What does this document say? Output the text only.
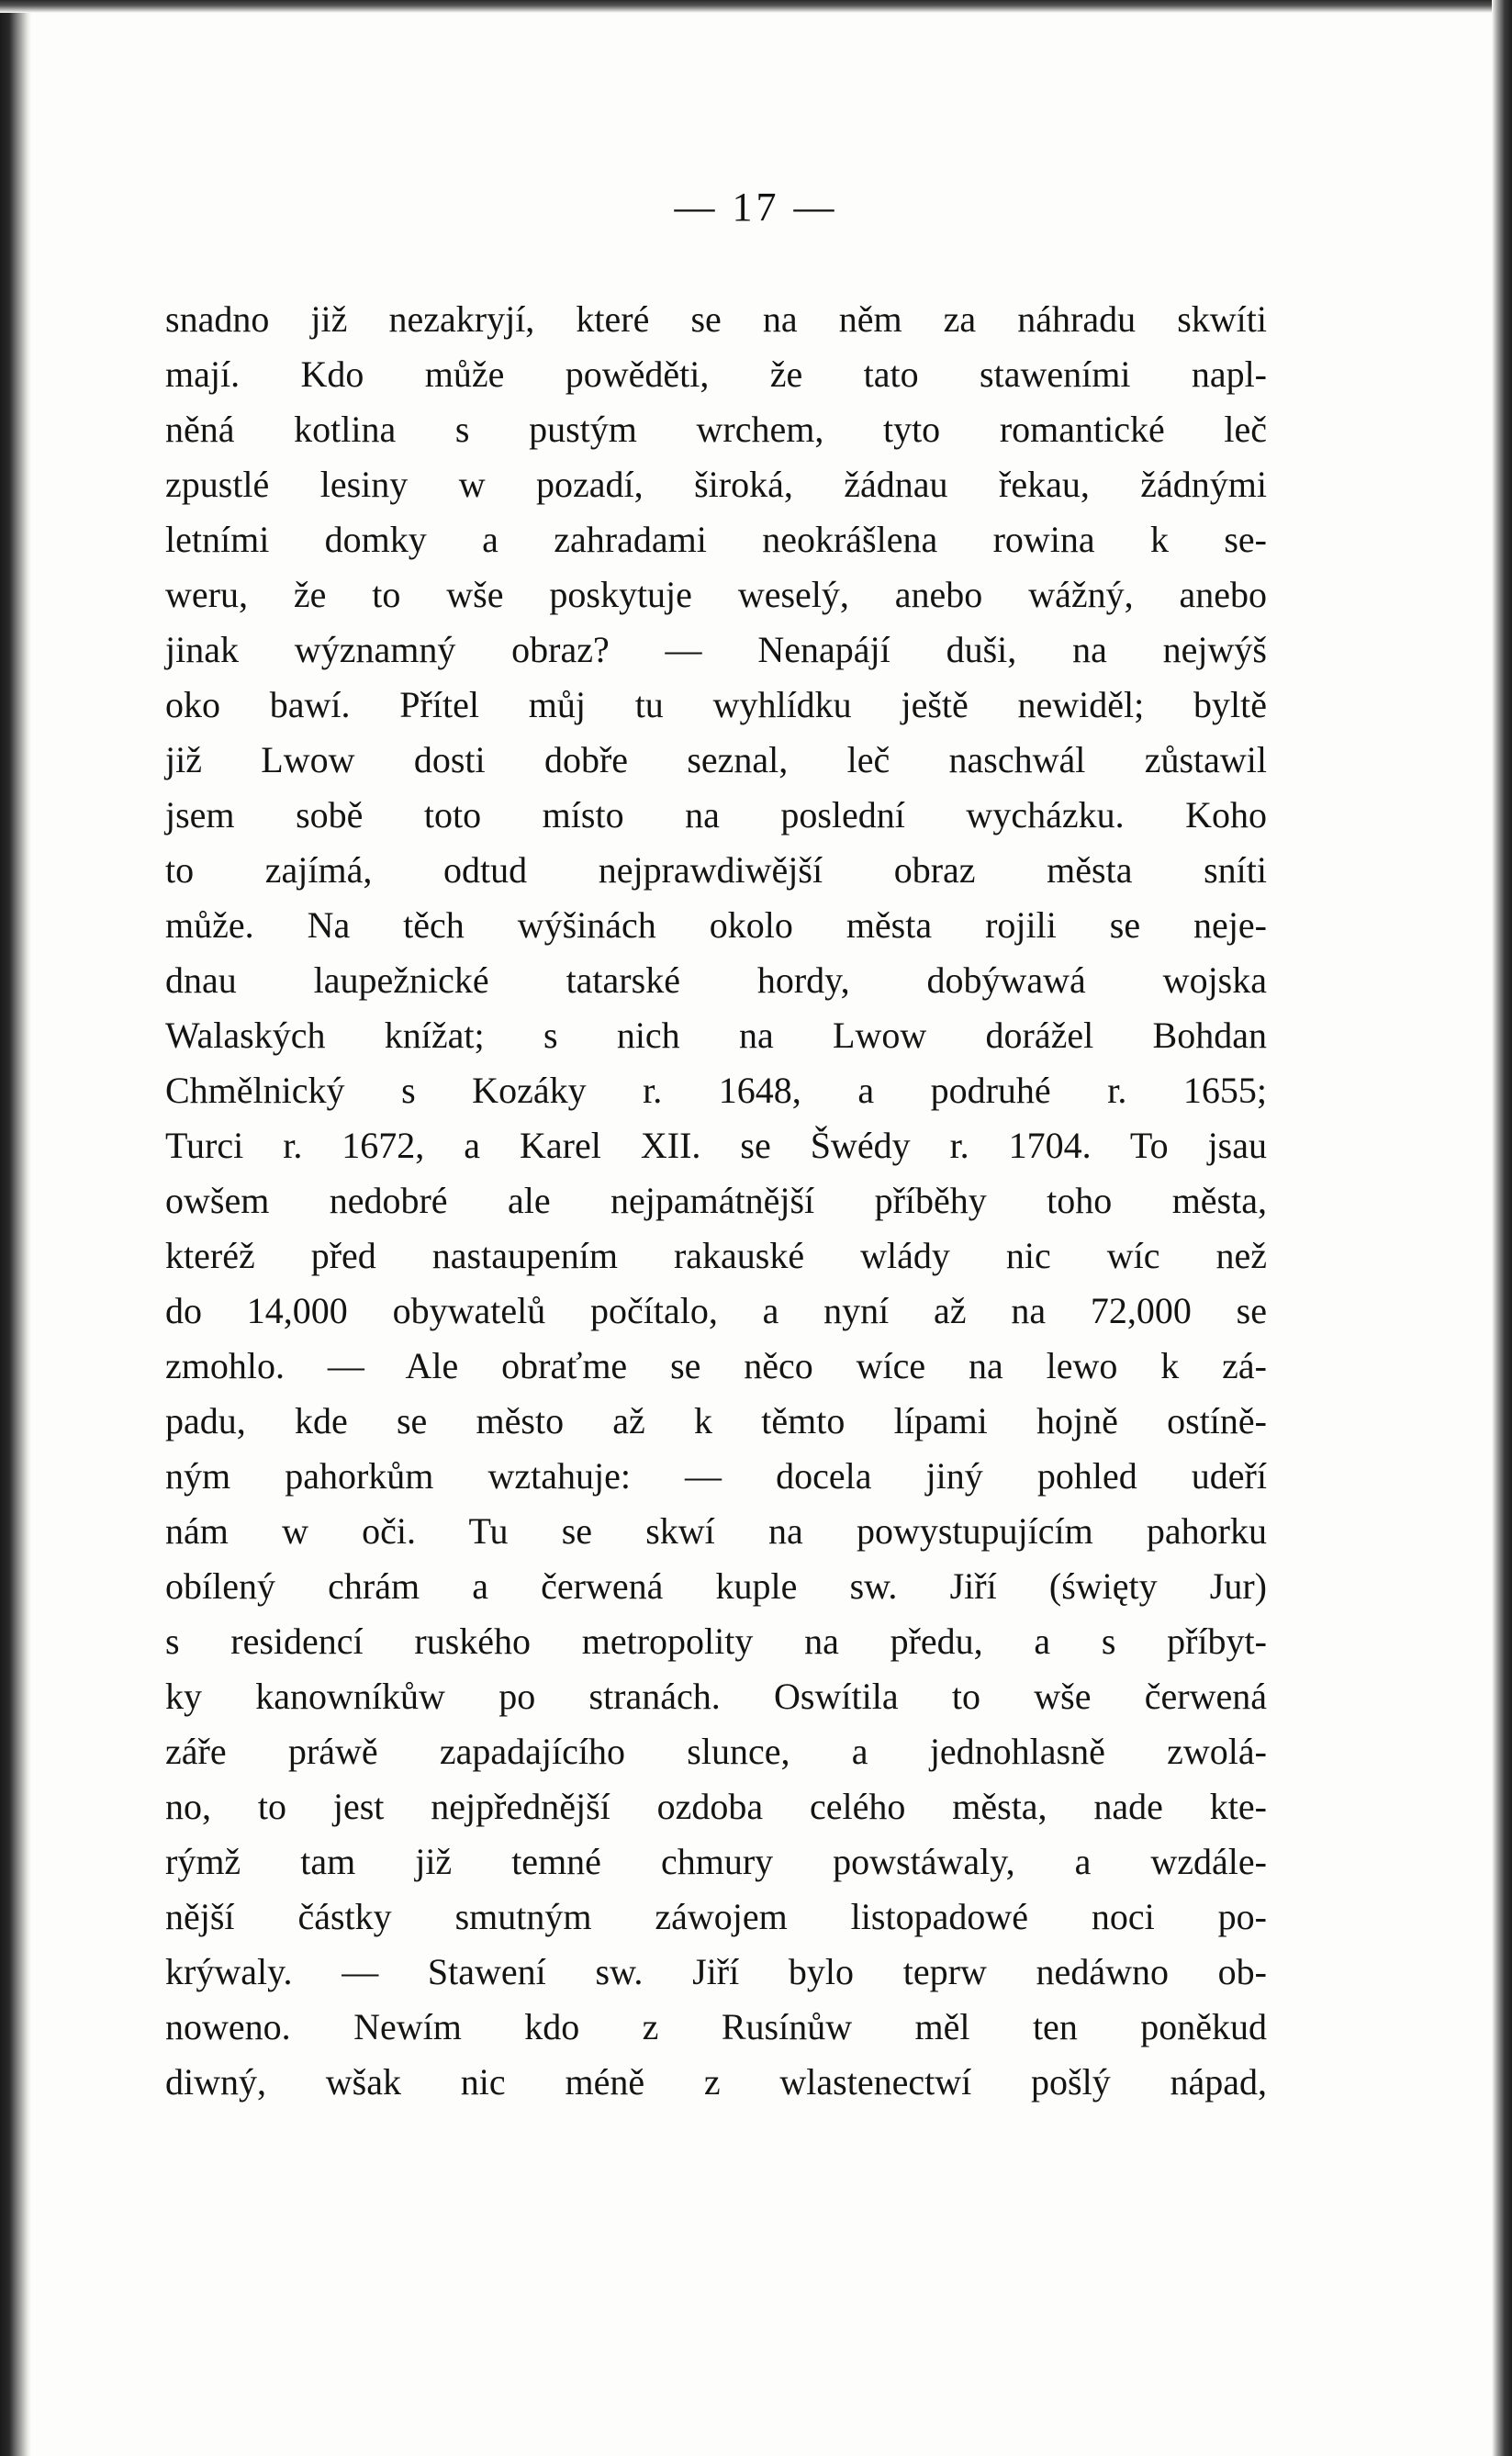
— 17 —
snadno již nezakryjí, které se na něm za náhradu skwíti
mají. Kdo může powěděti, že tato staweními napl-
něná kotlina s pustým wrchem, tyto romantické leč
zpustlé lesiny w pozadí, široká, žádnau řekau, žádnými
letními domky a zahradami neokrášlena rowina k se-
weru, že to wše poskytuje weselý, anebo wážný, anebo
jinak wýznamný obraz? — Nenapájí duši, na nejwýš
oko bawí. Přítel můj tu wyhlídku ještě newiděl; byltě
již Lwow dosti dobře seznal, leč naschwál zůstawil
jsem sobě toto místo na poslední wycházku. Koho
to zajímá, odtud nejprawdiwější obraz města sníti
může. Na těch wýšinách okolo města rojili se neje-
dnau laupežnické tatarské hordy, dobýwawá wojska
Walaských knížat; s nich na Lwow dorážel Bohdan
Chmělnický s Kozáky r. 1648, a podruhé r. 1655;
Turci r. 1672, a Karel XII. se Šwédy r. 1704. To jsau
owšem nedobré ale nejpamátnější příběhy toho města,
kteréž před nastaupením rakauské wlády nic wíc než
do 14,000 obywatelů počítalo, a nyní až na 72,000 se
zmohlo. — Ale obraťme se něco wíce na lewo k zá-
padu, kde se město až k těmto lípami hojně ostíně-
ným pahorkům wztahuje: — docela jiný pohled udeří
nám w oči. Tu se skwí na powystupujícím pahorku
obílený chrám a čerwená kuple sw. Jiří (święty Jur)
s residencí ruského metropolity na předu, a s příbyt-
ky kanowníkůw po stranách. Oswítila to wše čerwená
záře práwě zapadajícího slunce, a jednohlasně zwolá-
no, to jest nejpřednější ozdoba celého města, nade kte-
rýmž tam již temné chmury powstáwaly, a wzdále-
nější částky smutným záwojem listopadowé noci po-
krýwaly. — Stawení sw. Jiří bylo teprw nedáwno ob-
noweno. Newím kdo z Rusínůw měl ten poněkud
diwný, wšak nic méně z wlastenectwí pošlý nápad,
